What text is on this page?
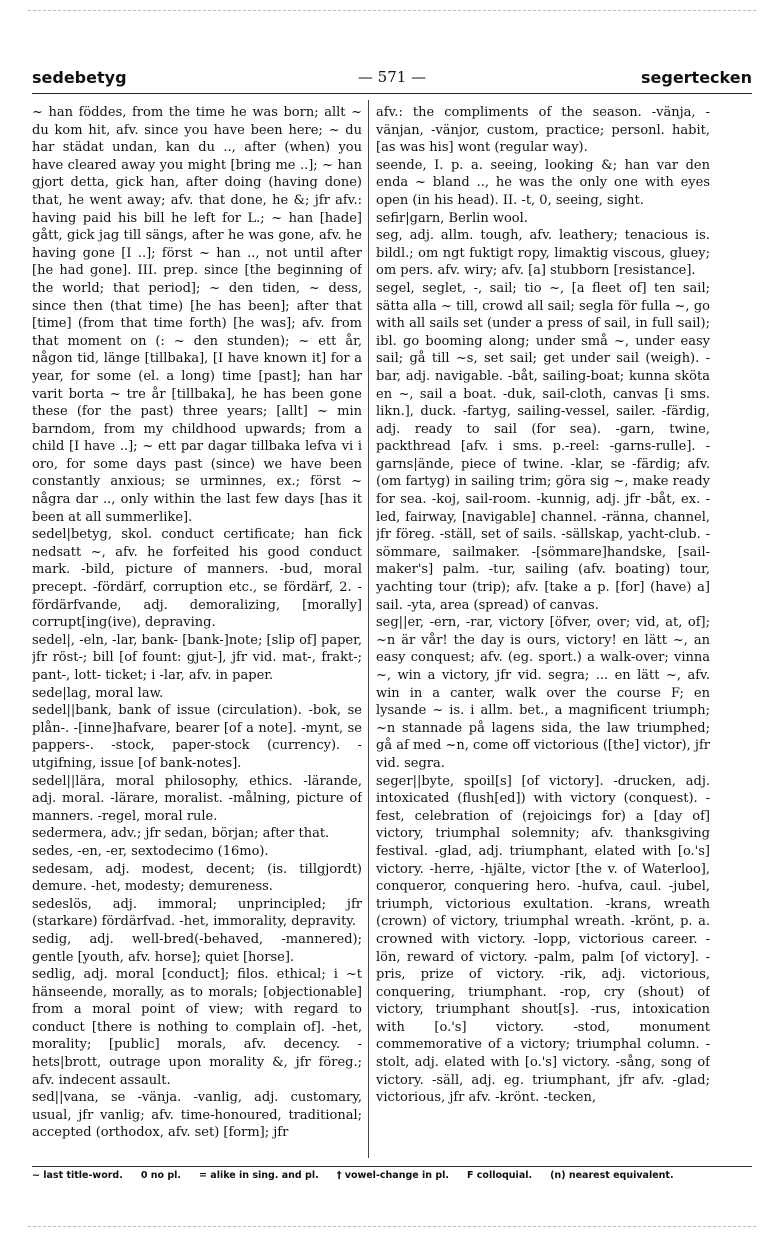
sedebetyg	— 571 —	segertecken

~ han föddes, from the time he was born; allt ~ du kom hit, afv. since you have been here; ~ du har städat undan, kan du .., after (when) you have cleared away you might [bring me ..]; ~ han gjort detta, gick han, after doing (having done) that, he went away; afv. that done, he &; jfr afv.: having paid his bill he left for L.; ~ han [hade] gått, gick jag till sängs, after he was gone, afv. he having gone [I ..]; först ~ han .., not until after [he had gone]. III. prep. since [the beginning of the world; that period]; ~ den tiden, ~ dess, since then (that time) [he has been]; after that [time] (from that time forth) [he was]; afv. from that moment on (: ~ den stunden); ~ ett år, någon tid, länge [tillbaka], [I have known it] for a year, for some (el. a long) time [past]; han har varit borta ~ tre år [tillbaka], he has been gone these (for the past) three years; [allt] ~ min barndom, from my childhood upwards; from a child [I have ..]; ~ ett par dagar tillbaka lefva vi i oro, for some days past (since) we have been constantly anxious; se urminnes, ex.; först ~ några dar .., only within the last few days [has it been at all summerlike].

sedel|betyg, skol. conduct certificate; han fick nedsatt ~, afv. he forfeited his good conduct mark. -bild, picture of manners. -bud, moral precept. -fördärf, corruption etc., se fördärf, 2. -fördärfvande, adj. demoralizing, [morally] corrupt[ing(ive), depraving.

sedel|, -eln, -lar, bank- [bank-]note; [slip of] paper, jfr röst-; bill [of fount: gjut-], jfr vid. mat-, frakt-; pant-, lott- ticket; i -lar, afv. in paper.

sede|lag, moral law.

sedel||bank, bank of issue (circulation). -bok, se plån-. -[inne]hafvare, bearer [of a note]. -mynt, se pappers-. -stock, paper-stock (currency). -utgifning, issue [of bank-notes].

sedel||lära, moral philosophy, ethics. -lärande, adj. moral. -lärare, moralist. -målning, picture of manners. -regel, moral rule.

sedermera, adv.; jfr sedan, början; after that.

sedes, -en, -er, sextodecimo (16mo).

sedesam, adj. modest, decent; (is. tillgjordt) demure. -het, modesty; demureness.

sedeslös, adj. immoral; unprincipled; jfr (starkare) fördärfvad. -het, immorality, depravity.

sedig, adj. well-bred(-behaved, -mannered); gentle [youth, afv. horse]; quiet [horse].

sedlig, adj. moral [conduct]; filos. ethical; i ~t hänseende, morally, as to morals; [objectionable] from a moral point of view; with regard to conduct [there is nothing to complain of]. -het, morality; [public] morals, afv. decency. -hets|brott, outrage upon morality &, jfr föreg.; afv. indecent assault.

sed||vana, se -vänja. -vanlig, adj. customary, usual, jfr vanlig; afv. time-honoured, traditional; accepted (orthodox, afv. set) [form]; jfr

afv.: the compliments of the season. -vänja, -vänjan, -vänjor, custom, practice; personl. habit, [as was his] wont (regular way).

seende, I. p. a. seeing, looking &; han var den enda ~ bland .., he was the only one with eyes open (in his head). II. -t, 0, seeing, sight.

sefir|garn, Berlin wool.

seg, adj. allm. tough, afv. leathery; tenacious is. bildl.; om ngt fuktigt ropy, limaktig viscous, gluey; om pers. afv. wiry; afv. [a] stubborn [resistance].

segel, seglet, -, sail; tio ~, [a fleet of] ten sail; sätta alla ~ till, crowd all sail; segla för fulla ~, go with all sails set (under a press of sail, in full sail); ibl. go booming along; under små ~, under easy sail; gå till ~s, set sail; get under sail (weigh). -bar, adj. navigable. -båt, sailing-boat; kunna sköta en ~, sail a boat. -duk, sail-cloth, canvas [i sms. likn.], duck. -fartyg, sailing-vessel, sailer. -färdig, adj. ready to sail (for sea). -garn, twine, packthread [afv. i sms. p.-reel: -garns-rulle]. -garns|ände, piece of twine. -klar, se -färdig; afv. (om fartyg) in sailing trim; göra sig ~, make ready for sea. -koj, sail-room. -kunnig, adj. jfr -båt, ex. -led, fairway, [navigable] channel. -ränna, channel, jfr föreg. -ställ, set of sails. -sällskap, yacht-club. -sömmare, sailmaker. -[sömmare]handske, [sail-maker's] palm. -tur, sailing (afv. boating) tour, yachting tour (trip); afv. [take a p. [for] (have) a] sail. -yta, area (spread) of canvas.

seg||er, -ern, -rar, victory [öfver, over; vid, at, of]; ~n är vår! the day is ours, victory! en lätt ~, an easy conquest; afv. (eg. sport.) a walk-over; vinna ~, win a victory, jfr vid. segra; ... en lätt ~, afv. win in a canter, walk over the course F; en lysande ~ is. i allm. bet., a magnificent triumph; ~n stannade på lagens sida, the law triumphed; gå af med ~n, come off victorious ([the] victor), jfr vid. segra.

seger||byte, spoil[s] [of victory]. -drucken, adj. intoxicated (flush[ed]) with victory (conquest). -fest, celebration of (rejoicings for) a [day of] victory, triumphal solemnity; afv. thanksgiving festival. -glad, adj. triumphant, elated with [o.'s] victory. -herre, -hjälte, victor [the v. of Waterloo], conqueror, conquering hero. -hufva, caul. -jubel, triumph, victorious exultation. -krans, wreath (crown) of victory, triumphal wreath. -krönt, p. a. crowned with victory. -lopp, victorious career. -lön, reward of victory. -palm, palm [of victory]. -pris, prize of victory. -rik, adj. victorious, conquering, triumphant. -rop, cry (shout) of victory, triumphant shout[s]. -rus, intoxication with [o.'s] victory. -stod, monument commemorative of a victory; triumphal column. -stolt, adj. elated with [o.'s] victory. -sång, song of victory. -säll, adj. eg. triumphant, jfr afv. -glad; victorious, jfr afv. -krönt. -tecken,

~ last title-word. 0 no pl. = alike in sing. and pl. † vowel-change in pl. F colloquial. (n) nearest equivalent.
